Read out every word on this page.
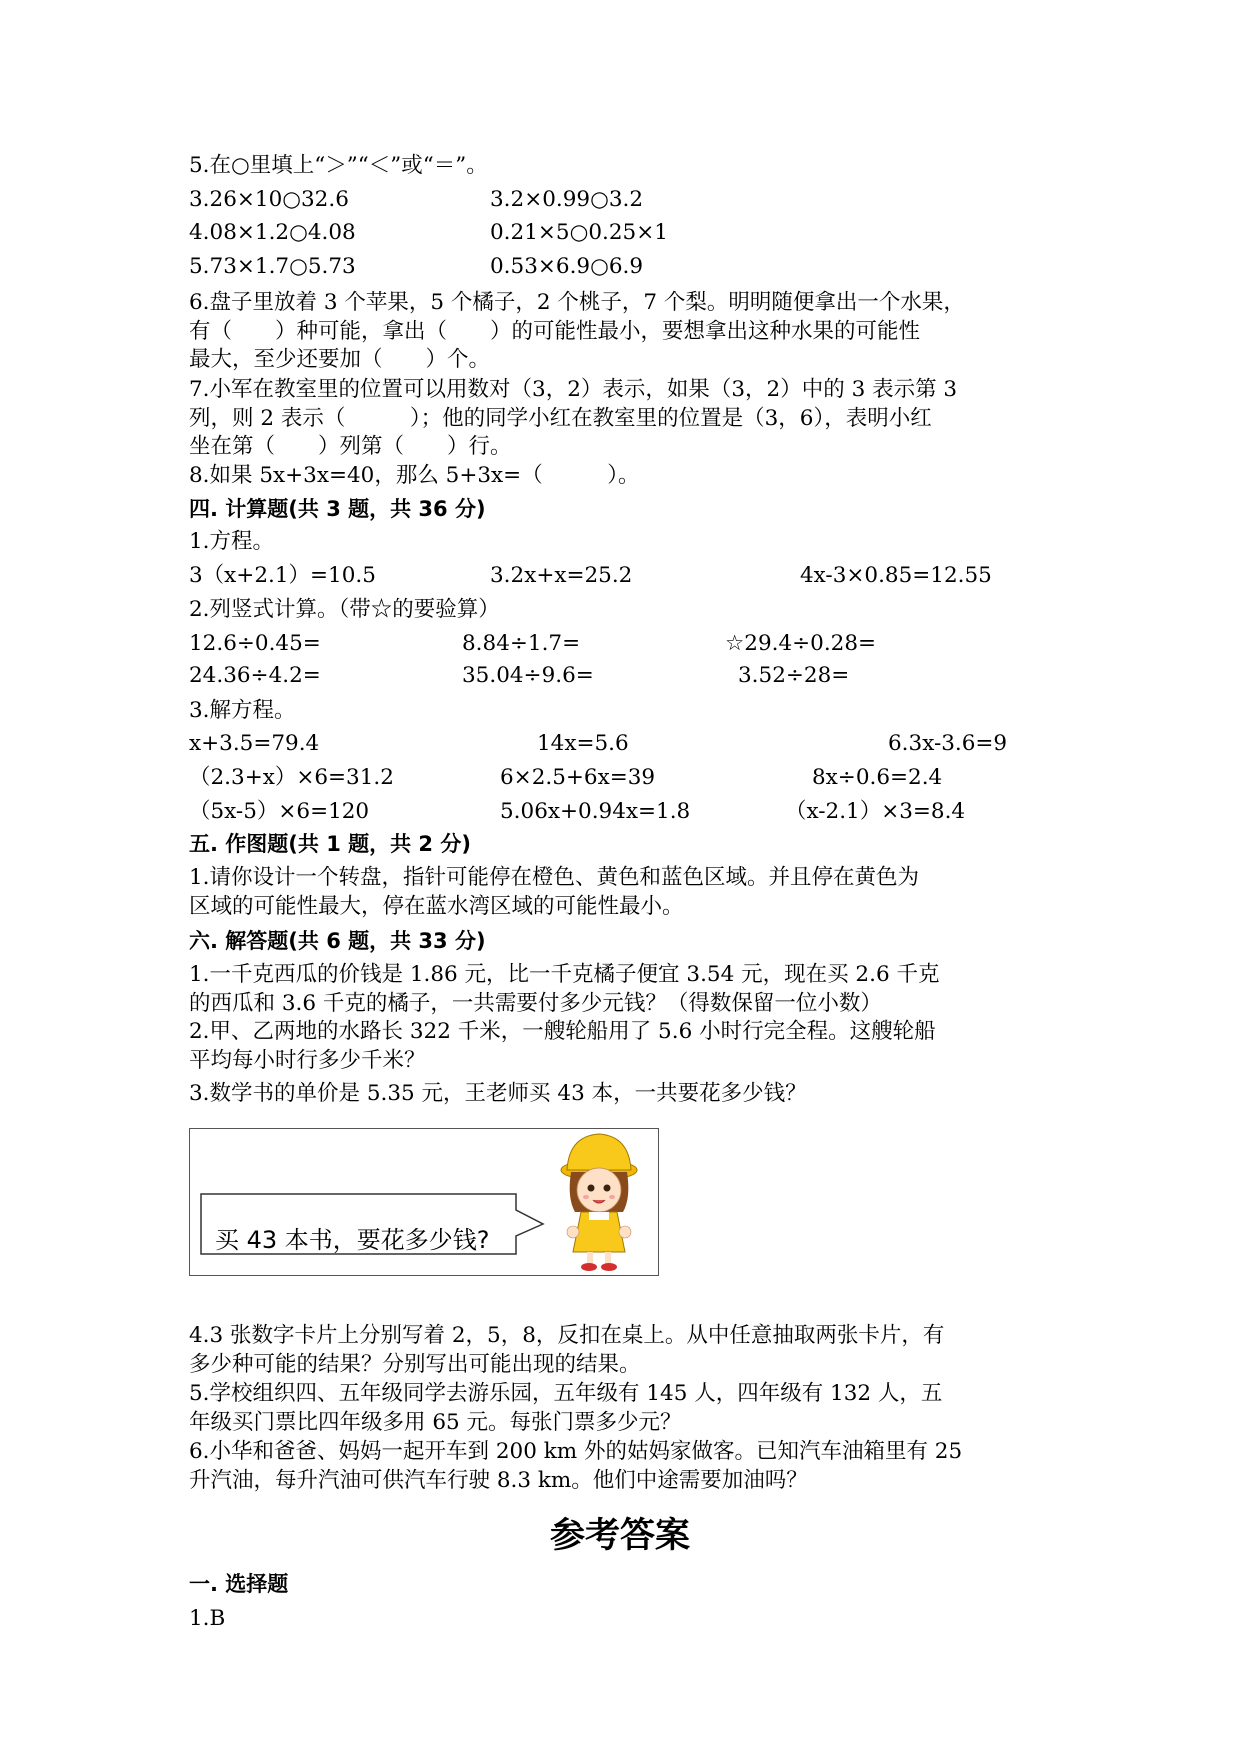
5.在○里填上“＞”“＜”或“＝”。
3.26×10○32.6	3.2×0.99○3.2
4.08×1.2○4.08	0.21×5○0.25×1
5.73×1.7○5.73	0.53×6.9○6.9
6.盘子里放着 3 个苹果，5 个橘子，2 个桃子，7 个梨。明明随便拿出一个水果，
有（　　）种可能，拿出（　　）的可能性最小，要想拿出这种水果的可能性
最大，至少还要加（　　）个。
7.小军在教室里的位置可以用数对（3，2）表示，如果（3，2）中的 3 表示第 3
列，则 2 表示（　　　）；他的同学小红在教室里的位置是（3，6），表明小红
坐在第（　　）列第（　　）行。
8.如果 5x+3x=40，那么 5+3x=（　　　）。
四. 计算题(共 3 题，共 36 分)
1.方程。
3（x+2.1）=10.5	3.2x+x=25.2	4x-3×0.85=12.55
2.列竖式计算。（带☆的要验算）
12.6÷0.45=	8.84÷1.7=	☆29.4÷0.28=
24.36÷4.2=	35.04÷9.6=	3.52÷28=
3.解方程。
x+3.5=79.4	14x=5.6	6.3x-3.6=9
（2.3+x）×6=31.2	6×2.5+6x=39	8x÷0.6=2.4
（5x-5）×6=120	5.06x+0.94x=1.8	（x-2.1）×3=8.4
五. 作图题(共 1 题，共 2 分)
1.请你设计一个转盘，指针可能停在橙色、黄色和蓝色区域。并且停在黄色为
区域的可能性最大，停在蓝水湾区域的可能性最小。
六. 解答题(共 6 题，共 33 分)
1.一千克西瓜的价钱是 1.86 元，比一千克橘子便宜 3.54 元，现在买 2.6 千克
的西瓜和 3.6 千克的橘子，一共需要付多少元钱？（得数保留一位小数）
2.甲、乙两地的水路长 322 千米，一艘轮船用了 5.6 小时行完全程。这艘轮船
平均每小时行多少千米？
3.数学书的单价是 5.35 元，王老师买 43 本，一共要花多少钱？
买 43 本书，要花多少钱?
4.3 张数字卡片上分别写着 2，5，8，反扣在桌上。从中任意抽取两张卡片，有
多少种可能的结果？分别写出可能出现的结果。
5.学校组织四、五年级同学去游乐园，五年级有 145 人，四年级有 132 人，五
年级买门票比四年级多用 65 元。每张门票多少元？
6.小华和爸爸、妈妈一起开车到 200 km 外的姑妈家做客。已知汽车油箱里有 25
升汽油，每升汽油可供汽车行驶 8.3 km。他们中途需要加油吗？
参考答案
一. 选择题
1.B
